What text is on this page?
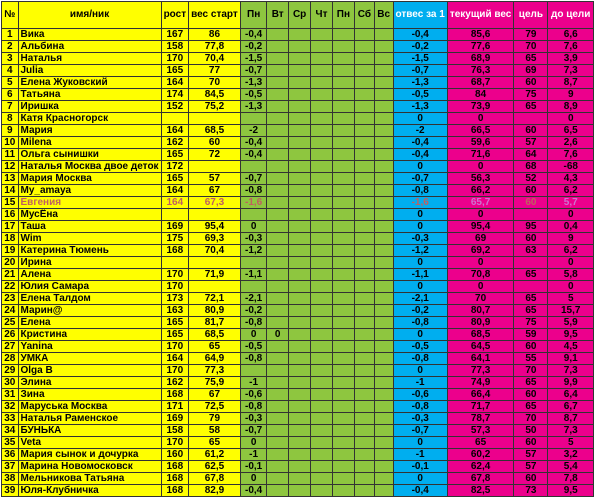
№	имя/ник	рост	вес старт	Пн	Вт	Ср	Чт	Пн	Сб	Вс	отвес за 1	текущий вес	цель	до цели
1	Вика	167	86	-0,4							-0,4	85,6	79	6,6
2	Альбина	158	77,8	-0,2							-0,2	77,6	70	7,6
3	Наталья	170	70,4	-1,5							-1,5	68,9	65	3,9
4	Julia	165	77	-0,7							-0,7	76,3	69	7,3
5	Елена Жуковский	164	70	-1,3							-1,3	68,7	60	8,7
6	Татьяна	174	84,5	-0,5							-0,5	84	75	9
7	Иришка	152	75,2	-1,3							-1,3	73,9	65	8,9
8	Катя Красногорск										0	0		0
9	Мария	164	68,5	-2							-2	66,5	60	6,5
10	Milena	162	60	-0,4							-0,4	59,6	57	2,6
11	Ольга сынишки	165	72	-0,4							-0,4	71,6	64	7,6
12	Наталья Москва двое деток	172									0	0	68	-68
13	Мария Москва	165	57	-0,7							-0,7	56,3	52	4,3
14	My_amaya	164	67	-0,8							-0,8	66,2	60	6,2
15	Евгения	164	67,3	-1,6							-1,6	65,7	60	5,7
16	МусЁна										0	0		0
17	Таша	169	95,4	0							0	95,4	95	0,4
18	Wim	175	69,3	-0,3							-0,3	69	60	9
19	Катерина Тюмень	168	70,4	-1,2							-1,2	69,2	63	6,2
20	Ирина										0	0		0
21	Алена	170	71,9	-1,1							-1,1	70,8	65	5,8
22	Юлия Самара	170									0	0		0
23	Елена Талдом	173	72,1	-2,1							-2,1	70	65	5
24	Марин@	163	80,9	-0,2							-0,2	80,7	65	15,7
25	Елена	165	81,7	-0,8							-0,8	80,9	75	5,9
26	Кристина	165	68,5	0	0						0	68,5	59	9,5
27	Yanina	170	65	-0,5							-0,5	64,5	60	4,5
28	УМКА	164	64,9	-0,8							-0,8	64,1	55	9,1
29	Olga B	170	77,3								0	77,3	70	7,3
30	Элина	162	75,9	-1							-1	74,9	65	9,9
31	Зина	168	67	-0,6							-0,6	66,4	60	6,4
32	Маруська Москва	171	72,5	-0,8							-0,8	71,7	65	6,7
33	Наталья Раменское	169	79	-0,3							-0,3	78,7	70	8,7
34	БУНЬКА	158	58	-0,7							-0,7	57,3	50	7,3
35	Veta	170	65	0							0	65	60	5
36	Мария сынок и дочурка	160	61,2	-1							-1	60,2	57	3,2
37	Марина Новомосковск	168	62,5	-0,1							-0,1	62,4	57	5,4
38	Мельникова Татьяна	168	67,8	0							0	67,8	60	7,8
39	Юля-Клубничка	168	82,9	-0,4							-0,4	82,5	73	9,5
